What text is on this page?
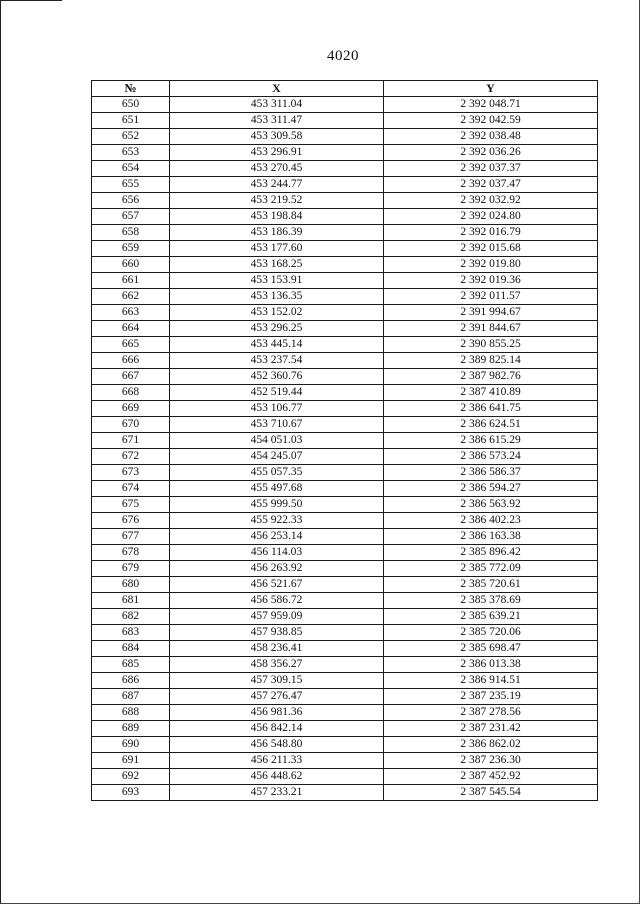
4020
№	X	Y
650	453 311.04	2 392 048.71
651	453 311.47	2 392 042.59
652	453 309.58	2 392 038.48
653	453 296.91	2 392 036.26
654	453 270.45	2 392 037.37
655	453 244.77	2 392 037.47
656	453 219.52	2 392 032.92
657	453 198.84	2 392 024.80
658	453 186.39	2 392 016.79
659	453 177.60	2 392 015.68
660	453 168.25	2 392 019.80
661	453 153.91	2 392 019.36
662	453 136.35	2 392 011.57
663	453 152.02	2 391 994.67
664	453 296.25	2 391 844.67
665	453 445.14	2 390 855.25
666	453 237.54	2 389 825.14
667	452 360.76	2 387 982.76
668	452 519.44	2 387 410.89
669	453 106.77	2 386 641.75
670	453 710.67	2 386 624.51
671	454 051.03	2 386 615.29
672	454 245.07	2 386 573.24
673	455 057.35	2 386 586.37
674	455 497.68	2 386 594.27
675	455 999.50	2 386 563.92
676	455 922.33	2 386 402.23
677	456 253.14	2 386 163.38
678	456 114.03	2 385 896.42
679	456 263.92	2 385 772.09
680	456 521.67	2 385 720.61
681	456 586.72	2 385 378.69
682	457 959.09	2 385 639.21
683	457 938.85	2 385 720.06
684	458 236.41	2 385 698.47
685	458 356.27	2 386 013.38
686	457 309.15	2 386 914.51
687	457 276.47	2 387 235.19
688	456 981.36	2 387 278.56
689	456 842.14	2 387 231.42
690	456 548.80	2 386 862.02
691	456 211.33	2 387 236.30
692	456 448.62	2 387 452.92
693	457 233.21	2 387 545.54
